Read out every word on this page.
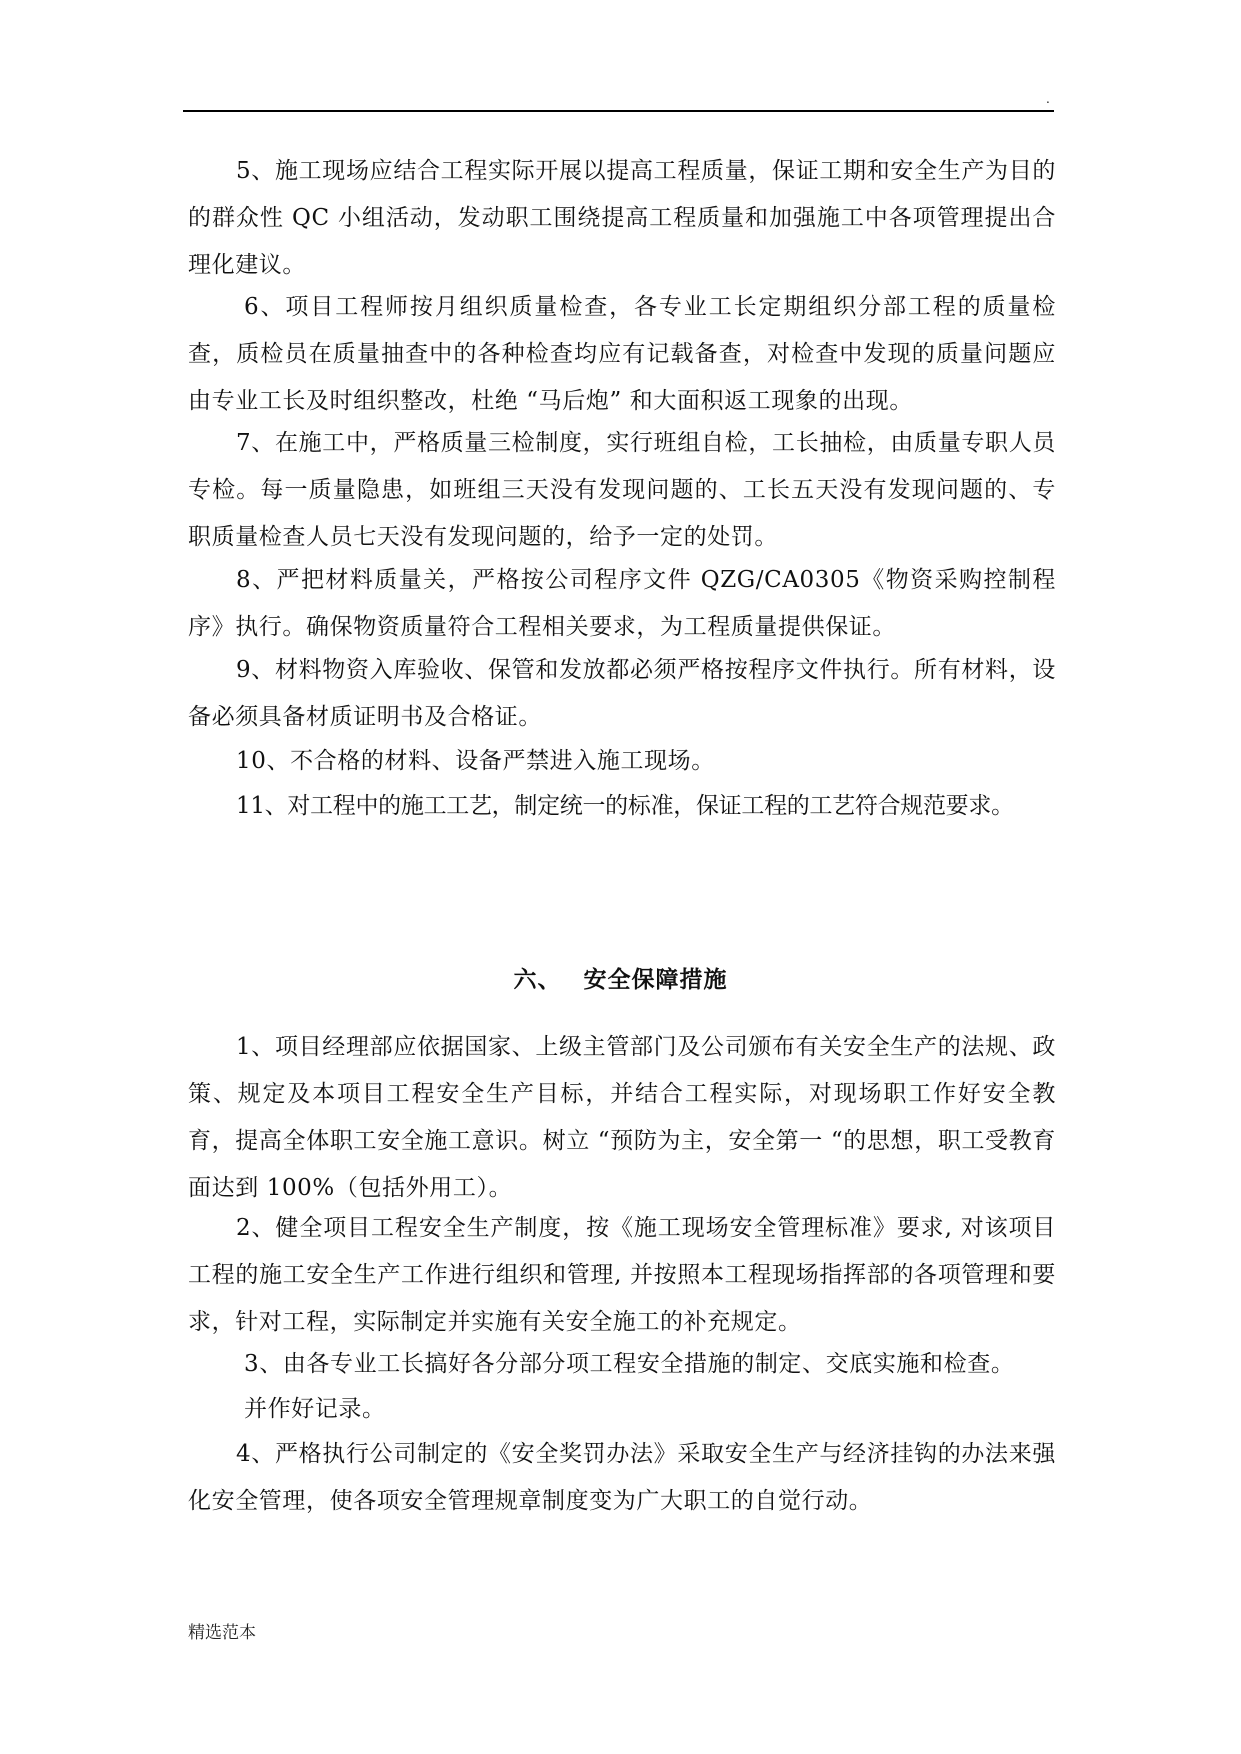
.

5、施工现场应结合工程实际开展以提高工程质量，保证工期和安全生产为目的的群众性 QC 小组活动，发动职工围绕提高工程质量和加强施工中各项管理提出合理化建议。

6、项目工程师按月组织质量检查，各专业工长定期组织分部工程的质量检查，质检员在质量抽查中的各种检查均应有记载备查，对检查中发现的质量问题应由专业工长及时组织整改，杜绝 “马后炮” 和大面积返工现象的出现。

7、在施工中，严格质量三检制度，实行班组自检，工长抽检，由质量专职人员专检。每一质量隐患，如班组三天没有发现问题的、工长五天没有发现问题的、专职质量检查人员七天没有发现问题的，给予一定的处罚。

8、严把材料质量关，严格按公司程序文件 QZG/CA0305《物资采购控制程序》执行。确保物资质量符合工程相关要求，为工程质量提供保证。

9、材料物资入库验收、保管和发放都必须严格按程序文件执行。所有材料，设备必须具备材质证明书及合格证。

10、不合格的材料、设备严禁进入施工现场。

11、对工程中的施工工艺，制定统一的标准，保证工程的工艺符合规范要求。

六、 安全保障措施

1、项目经理部应依据国家、上级主管部门及公司颁布有关安全生产的法规、政策、规定及本项目工程安全生产目标，并结合工程实际，对现场职工作好安全教育，提高全体职工安全施工意识。树立 “预防为主，安全第一 “的思想，职工受教育面达到 100%（包括外用工）。

2、健全项目工程安全生产制度，按《施工现场安全管理标准》要求, 对该项目工程的施工安全生产工作进行组织和管理, 并按照本工程现场指挥部的各项管理和要求，针对工程，实际制定并实施有关安全施工的补充规定。

3、由各专业工长搞好各分部分项工程安全措施的制定、交底实施和检查。

并作好记录。

4、严格执行公司制定的《安全奖罚办法》采取安全生产与经济挂钩的办法来强化安全管理，使各项安全管理规章制度变为广大职工的自觉行动。

精选范本
